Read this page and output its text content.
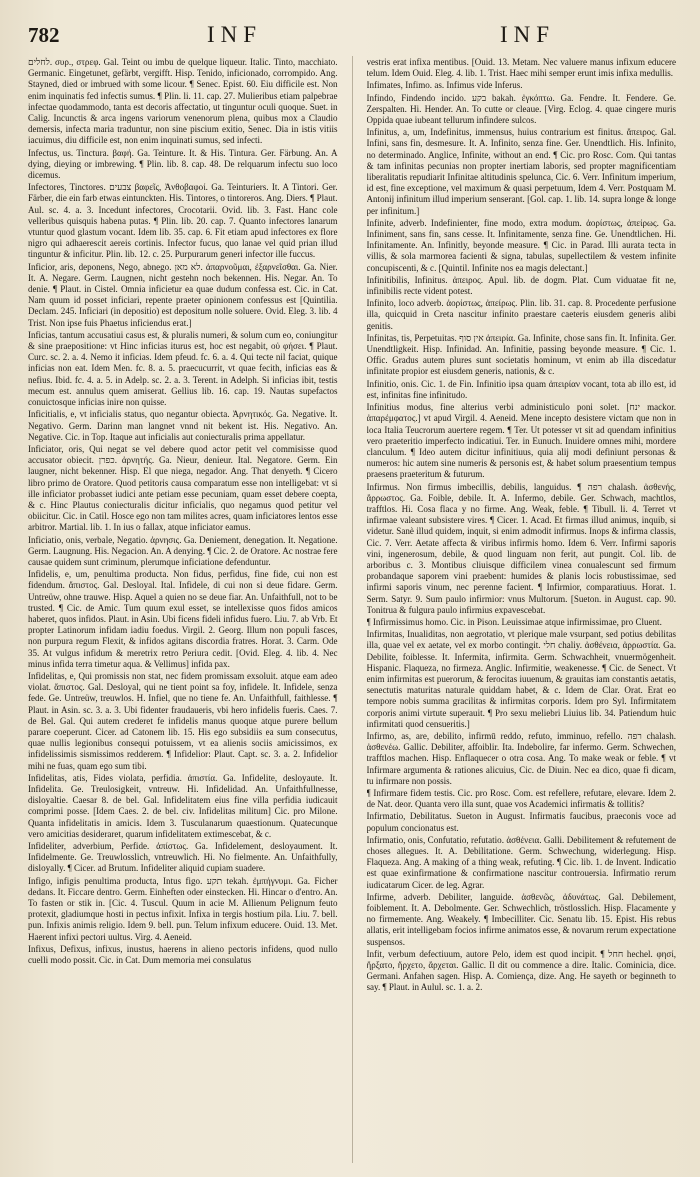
782	INF	INF

לחלים. συρ., στρεφ. Gal. Teint ou imbu de quelque liqueur. Italic. Tinto, macchiato. Germanic. Eingetunet, gefärbt, vergifft. Hisp. Tenido, inficionado, corrompido. Ang. Stayned, died or imbrued with some licour. ¶ Senec. Epist. 60. Eiu difficile est. Non enim inquinatis fed infectis sumus. ¶ Plin. li. 11. cap. 27. Mulieribus etiam palpebrae infectae quodammodo, tanta est decoris affectatio, ut tinguntur oculi quoque. Suet. in Calig. Incunctis & arca ingens variorum venenorum plena, quibus mox a Claudio demersis, infecta maria traduntur, non sine piscium exitio, Senec. Dia in istis vitiis iacuimus, diu difficile est, non enim inquinati sumus, sed infecti.

Infectus, us. Tinctura. βαφή. Ga. Teinture. It. & His. Tintura. Ger. Färbung. An. A dying, dieying or imbrewing. ¶ Plin. lib. 8. cap. 48. De relquarum infectu suo loco dicemus.

Infectores, Tinctores. צבעים βαφεῖς, Ἀνθοβαφοί. Ga. Teinturiers. It. A Tintori. Ger. Färber, die ein farb etwas eintunckten. His. Tintores, o tintoreros. Ang. Diers. ¶ Plaut. Aul. sc. 4. a. 3. Incedunt infectores, Crocotarii. Ovid. lib. 3. Fast. Hanc cole velleribus quisquis habena putas. ¶ Plin. lib. 20. cap. 7. Quanto infectores lanarum vtuntur quod glastum vocant. Idem lib. 35. cap. 6. Fit etiam apud infectores ex flore nigro qui adhaerescit aereis cortinis. Infector fucus, quo lanae vel quid prian illud tinguntur & inficitur. Plin. lib. 12. c. 25. Purpurarum generi infector ille fuccus.

Inficior, aris, deponens, Nego, abnego. לא מאן. ἀπαρνοῦμαι, ἐξαρνεῖσθαι. Ga. Nier. It. A. Negare. Germ. Laugnen, nicht gestehn noch bekennen. His. Negar. An. To denie. ¶ Plaut. in Cistel. Omnia inficietur ea quae dudum confessa est. Cic. in Cat. Nam quum id posset inficiari, repente praeter opinionem confessus est [Quintilia. Declam. 245. Inficiari (in depositio) est depositum nolle soluere. Ovid. Eleg. 3. lib. 4 Trist. Non ipse fuis Phaetus inficiendus erat.]

Inficias, tantum accusatiui casus est, & pluralis numeri, & solum cum eo, coniungitur & sine praepositione: vt Hinc inficias iturus est, hoc est negabit, οὐ φήσει. ¶ Plaut. Curc. sc. 2. a. 4. Nemo it inficias. Idem pfeud. fc. 6. a. 4. Qui tecte nil faciat, quique inficias non eat. Idem Men. fc. 8. a. 5. praecucurrit, vt quae fecith, inficias eas & nefius. Ibid. fc. 4. a. 5. in Adelp. sc. 2. a. 3. Terent. in Adelph. Si inficias ibit, testis mecum est. annulus quem amiserat. Gellius lib. 16. cap. 19. Nautas supefactos conuictosque inficias inire non quisse.

Inficitialis, e, vt inficialis status, quo negantur obiecta. Ἀρνητικός. Ga. Negative. It. Negativo. Germ. Darinn man langnet vnnd nit bekent ist. His. Negativo. An. Negative. Cic. in Top. Itaque aut inficialis aut coniecturalis prima appellatur.

Inficiator, oris, Qui negat se vel debere quod actor petit vel commisisse quod accusator obiecit. כפרן. ἀρνητής. Ga. Nieur, denieur. Ital. Negatore. Germ. Ein laugner, nicht bekenner. Hisp. El que niega, negador. Ang. That denyeth. ¶ Cicero libro primo de Oratore. Quod petitoris causa comparatum esse non intelligebat: vt si ille inficiator probasset iudici ante petiam esse pecuniam, quam esset debere coepta, & c. Hinc Plautus coniecturalis dicitur inficialis, quo negamus quod petitur vel obiicitur. Cic. in Catil. Hosce ego non tam milites acres, quam inficiatores lentos esse arbitror. Martial. lib. 1. In ius o fallax, atque inficiator eamus.

Inficiatio, onis, verbale, Negatio. ἀρνησις. Ga. Deniement, denegation. It. Negatione. Germ. Laugnung. His. Negacion. An. A denying. ¶ Cic. 2. de Oratore. Ac nostrae fere causae quidem sunt criminum, plerumque inficiatione defenduntur.

Infidelis, e, um, penultima producta. Non fidus, perfidus, fine fide, cui non est fidendum. ἄπιστος. Gal. Desloyal. Ital. Infidele, di cui non si deue fidare. Germ. Untreüw, ohne trauwe. Hisp. Aquel a quien no se deue fiar. An. Unfaithfull, not to be trusted. ¶ Cic. de Amic. Tum quum exul esset, se intellexisse quos fidos amicos haberet, quos infidos. Plaut. in Asin. Ubi ficens fideli infidus fuero. Liu. 7. ab Vrb. Et propter Latinorum infidam iadiu foedus. Virgil. 2. Georg. Illum non populi fasces, non purpura regum Flexit, & infidos agitans discordia fratres. Horat. 3. Carm. Ode 35. At vulgus infidum & meretrix retro Periura cedit. [Ovid. Eleg. 4. lib. 4. Nec minus infida terra timetur aqua. & Vellimus] infida pax.

Infidelitas, e, Qui promissis non stat, nec fidem promissam exsoluit. atque eam adeo violat. ἄπιστος. Gal. Desloyal, qui ne tient point sa foy, infidele. It. Infidele, senza fede. Ge. Untreüw, treuwlos. H. Infiel, que no tiene fe. An. Unfaithfull, faithlesse. ¶ Plaut. in Asin. sc. 3. a. 3. Ubi fidenter fraudaueris, vbi hero infidelis fueris. Caes. 7. de Bel. Gal. Qui autem crederet fe infidelis manus quoque atque purere bellum parare coeperunt. Cicer. ad Catonem lib. 15. His ego subsidiis ea sum consecutus, quae nullis legionibus consequi potuissem, vt ea alienis sociis amicissimos, ex infidelissimis sismissimos redderem. ¶ Infidelior: Plaut. Capt. sc. 3. a. 2. Infidelior mihi ne fuas, quam ego sum tibi.

Infidelitas, atis, Fides violata, perfidia. ἀπιστία. Ga. Infidelite, desloyaute. It. Infidelita. Ge. Treulosigkeit, vntreuw. Hi. Infidelidad. An. Unfaithfullnesse, disloyaltie. Caesar 8. de bel. Gal. Infidelitatem eius fine villa perfidia iudicauit comprimi posse. [Idem Caes. 2. de bel. civ. Infidelitas militum] Cic. pro Milone. Quanta infidelitatis in amicis. Idem 3. Tusculanarum quaestionum. Quatecunque vero amicitias desideraret, quarum infidelitatem extimescebat, & c.

Infideliter, adverbium, Perfide. ἀπίστως. Ga. Infidelement, desloyaument. It. Infidelmente. Ge. Treuwlosslich, vntreuwlich. Hi. No fielmente. An. Unfaithfully, disloyally. ¶ Cicer. ad Brutum. Infideliter aliquid cupiam suadere.

Infigo, infigis penultima producta, Intus figo. תקע tekah. ἐμπήγνυμι. Ga. Ficher dedans. It. Ficcare dentro. Germ. Einheften oder einstecken. Hi. Hincar o d'entro. An. To fasten or stik in. [Cic. 4. Tuscul. Quum in acie M. Allienum Pelignum feuto protexit, gladiumque hosti in pectus infixit. Infixa in tergis hostium pila. Liu. 7. bell. pun. Infixis animis religio. Idem 9. bell. pun. Telum infixum educere. Ouid. 13. Met. Haerent infixi pectori uultus. Virg. 4. Aeneid.

Infixus, Defixus, infixus, inustus, haerens in alieno pectoris infidens, quod nullo cuelli modo possit. Cic. in Cat. Dum memoria mei consulatus

vestris erat infixa mentibus. [Ouid. 13. Metam. Nec valuere manus infixum educere telum. Idem Ouid. Eleg. 4. lib. 1. Trist. Haec mihi semper erunt imis infixa medullis.

Infimates, Infimo. as. Infimus vide Inferus.

Infindo, Findendo incido. בקע bakah. ἐγκόπτω. Ga. Fendre. It. Fendere. Ge. Zerspalten. Hi. Hender. An. To cutte or cleaue. [Virg. Eclog. 4. quae cingere muris Oppida quae iubeant tellurum infindere sulcos.

Infinitus, a, um, Indefinitus, immensus, huius contrarium est finitus. ἄπειρος. Gal. Infini, sans fin, desmesure. It. A. Infinito, senza fine. Ger. Unendtlich. His. Infinito, no determinado. Anglice, Infinite, without an end. ¶ Cic. pro Rosc. Com. Qui tantas & tam infinitas pecunias non propter inertiam laboris, sed propter magnificentiam liberalitatis repudiarit Infinitae altitudinis spelunca, Cic. 6. Verr. Infinitum imperium, id est, fine exceptione, vel maximum & quasi perpetuum, Idem 4. Verr. Postquam M. Antonij infinitum illud imperium senserant. [Gol. cap. 1. lib. 14. supra longe & longe per infinitum.]

Infinite, adverb. Indefinienter, fine modo, extra modum. ἀορίστως, ἀπείρως. Ga. Infiniment, sans fin, sans cesse. It. Infinitamente, senza fine. Ge. Unendtlichen. Hi. Infinitamente. An. Infinitly, beyonde measure. ¶ Cic. in Parad. Illi aurata tecta in villis, & sola marmorea facienti & signa, tabulas, supellectilem & vestem infinite concupiscenti, & c. [Quintil. Infinite nos ea magis delectant.]

Infinitibilis, Infinitus. ἀπειρος. Apul. lib. de dogm. Plat. Cum viduatae fit ne, infinibilis recte vident potest.

Infinito, loco adverb. ἀορίστως, ἀπείρως. Plin. lib. 31. cap. 8. Procedente perfusione illa, quicquid in Creta nascitur infinito praestare caeteris eiusdem generis alibi genitis.

Infinitas, tis, Perpetuitas. אין סוף ἀπειρία. Ga. Infinite, chose sans fin. It. Infinita. Ger. Unendtligkeit. Hisp. Infinidad. An. Infinitie, passing beyonde measure. ¶ Cic. 1. Offic. Gradus autem plures sunt societatis hominum, vt enim ab illa discedatur infinitate propior est eiusdem generis, nationis, & c.

Infinitio, onis. Cic. 1. de Fin. Infinitio ipsa quam ἀπειρίαν vocant, tota ab illo est, id est, infinitas fine infinitudo.

Infinitius modus, fine alterius verbi administiculo poni solet. [ינח mackor. ἀπαρέμφατος.] vt apud Virgil. 4. Aeneid. Mene incepto desistere victam que non in loca Italia Teucrorum auertere regem. ¶ Ter. Ut potesser vt sit ad quendam infinitius vero praeteritio imperfecto indicatiui. Ter. in Eunuch. Inuidere omnes mihi, mordere clanculum. ¶ Ideo autem dicitur infinitiuus, quia alij modi definiunt personas & numeros: hic autem sine numeris & personis est, & habet solum praesentium tempus praesens praeteritum & futurum.

Infirmus. Non firmus imbecillis, debilis, languidus. ¶ רפה chalash. ἀσθενής, ἄρρωστος. Ga. Foible, debile. It. A. Infermo, debile. Ger. Schwach, machtlos, trafftlos. Hi. Cosa flaca y no firme. Ang. Weak, feble. ¶ Tibull. li. 4. Terret vt infirmae valeant subsistere vires. ¶ Cicer. 1. Acad. Et firmas illud animus, inquib, si videtur. Sanè illud quidem, inquit, si enim admodit infirmus. Inops & infirma classis, Cic. 7. Verr. Aetate affecta & viribus infirmis homo. Idem 6. Verr. Infirmi saporis vini, ingenerosum, debile, & quod linguam non ferit, aut pungit. Col. lib. de arboribus c. 3. Montibus cliuisque difficilem vinea conualescunt sed firmum probandaque saporem vini praebent: humides & planis locis robustissimae, sed infirmi saporis vinum, nec perenne facient. ¶ Infirmior, comparatiuus. Horat. 1. Serm. Satyr. 9. Sum paulo infirmior: vnus Multorum. [Sueton. in August. cap. 90. Tonitrua & fulgura paulo infirmius expavescebat.

¶ Infirmissimus homo. Cic. in Pison. Leuissimae atque infirmissimae, pro Cluent.

Infirmitas, Inualiditas, non aegrotatio, vt plerique male vsurpant, sed potius debilitas illa, quae vel ex aetate, vel ex morbo contingit. חלי chaliy. ἀσθένεια, ἀρρωστία. Ga. Debilite, foiblesse. It. Infermita, infirmita. Germ. Schwachheit, vnuermögenheit. Hispanic. Flaqueza, no firmeza. Anglic. Infirmitie, weakenesse. ¶ Cic. de Senect. Vt enim infirmitas est puerorum, & ferocitas iuuenum, & grauitas iam constantis aetatis, senectutis maturitas naturale quiddam habet, & c. Idem de Clar. Orat. Erat eo tempore nobis summa gracilitas & infirmitas corporis. Idem pro Syl. Infirmitatem corporis animi virtute superauit. ¶ Pro sexu meliebri Liuius lib. 34. Patiendum huic infirmitati quod censueritis.]

Infirmo, as, are, debilito, infirmū reddo, refuto, imminuo, refello. רפה chalash. ἀσθενέω. Gallic. Debiliter, affoiblir. Ita. Indebolire, far infermo. Germ. Schwechen, trafftlos machen. Hisp. Enflaquecer o otra cosa. Ang. To make weak or feble. ¶ vt Infirmare argumenta & rationes alicuius, Cic. de Diuin. Nec ea dico, quae fi dicam, tu infirmare non possis.

¶ Infirmare fidem testis. Cic. pro Rosc. Com. est refellere, refutare, elevare. Idem 2. de Nat. deor. Quanta vero illa sunt, quae vos Academici infirmatis & tollitis?

Infirmatio, Debilitatus. Sueton in August. Infirmatis faucibus, praeconis voce ad populum concionatus est.

Infirmatio, onis, Confutatio, refutatio. ἀσθένεια. Galli. Debilitement & refutement de choses allegues. It. A. Debilitatione. Germ. Schwechung, widerlegung. Hisp. Flaqueza. Ang. A making of a thing weak, refuting. ¶ Cic. lib. 1. de Invent. Indicatio est quae exinfirmatione & confirmatione nascitur controuersia. Infirmatio rerum iudicatarum Cicer. de leg. Agrar.

Infirme, adverb. Debiliter, languide. ἀσθενῶς, ἀδυνάτως. Gal. Debilement, foiblement. It. A. Debolmente. Ger. Schwechlich, tröstlosslich. Hisp. Flacamente y no firmemente. Ang. Weakely. ¶ Imbecilliter. Cic. Senatu lib. 15. Epist. His rebus allatis, erit intelligebam focios infirme animatos esse, & novarum rerum expectatione suspensos.

Infit, verbum defectiuum, autore Pelo, idem est quod incipit. ¶ חחל hechel. φησί, ἤρξατο, ἤρχετο, ἄρχεται. Gallic. Il dit ou commence a dire. Italic. Cominicia, dice. Germani. Anfahen sagen. Hisp. A. Comiença, dize. Ang. He sayeth or beginneth to say. ¶ Plaut. in Aulul. sc. 1. a. 2.
